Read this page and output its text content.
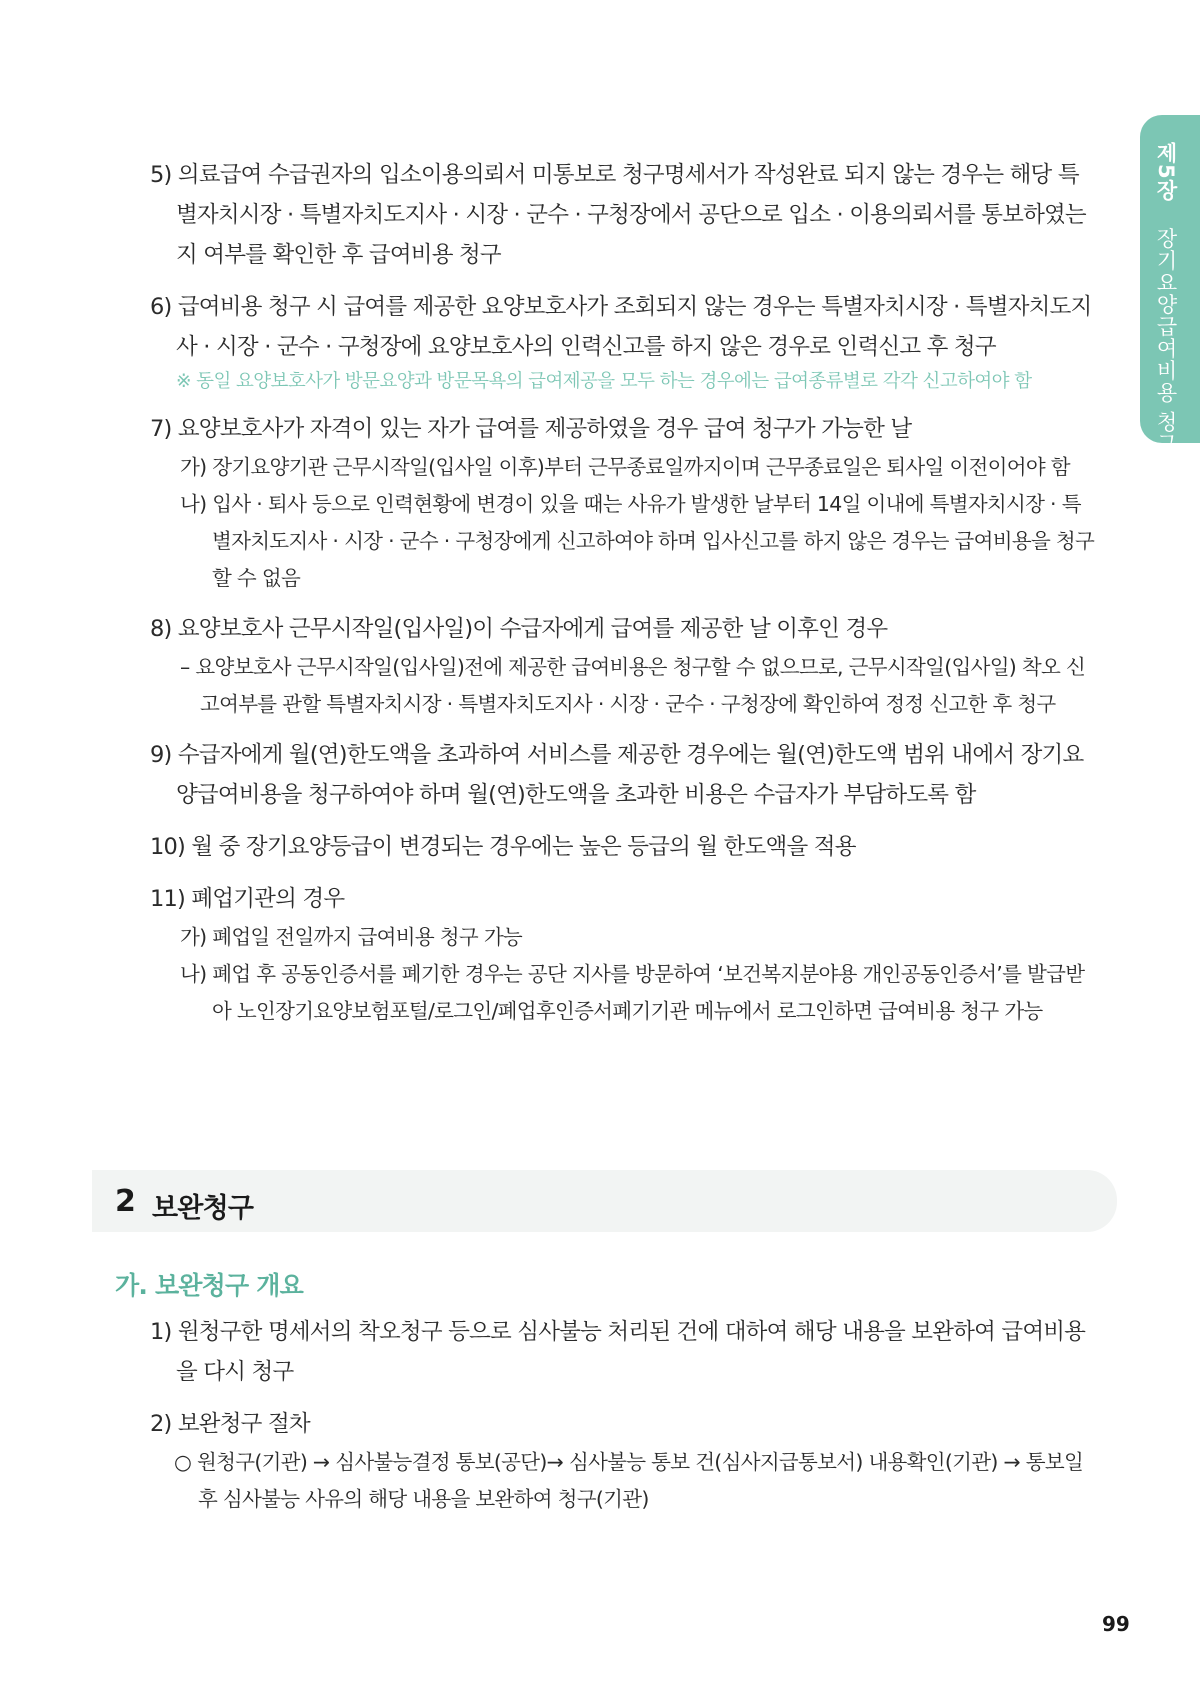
제5장 장기요양급여비용 청구

5) 의료급여 수급권자의 입소이용의뢰서 미통보로 청구명세서가 작성완료 되지 않는 경우는 해당 특별자치시장 · 특별자치도지사 · 시장 · 군수 · 구청장에서 공단으로 입소 · 이용의뢰서를 통보하였는지 여부를 확인한 후 급여비용 청구

6) 급여비용 청구 시 급여를 제공한 요양보호사가 조회되지 않는 경우는 특별자치시장 · 특별자치도지사 · 시장 · 군수 · 구청장에 요양보호사의 인력신고를 하지 않은 경우로 인력신고 후 청구

※ 동일 요양보호사가 방문요양과 방문목욕의 급여제공을 모두 하는 경우에는 급여종류별로 각각 신고하여야 함

7) 요양보호사가 자격이 있는 자가 급여를 제공하였을 경우 급여 청구가 가능한 날

가) 장기요양기관 근무시작일(입사일 이후)부터 근무종료일까지이며 근무종료일은 퇴사일 이전이어야 함

나) 입사 · 퇴사 등으로 인력현황에 변경이 있을 때는 사유가 발생한 날부터 14일 이내에 특별자치시장 · 특별자치도지사 · 시장 · 군수 · 구청장에게 신고하여야 하며 입사신고를 하지 않은 경우는 급여비용을 청구할 수 없음

8) 요양보호사 근무시작일(입사일)이 수급자에게 급여를 제공한 날 이후인 경우

– 요양보호사 근무시작일(입사일)전에 제공한 급여비용은 청구할 수 없으므로, 근무시작일(입사일) 착오 신고여부를 관할 특별자치시장 · 특별자치도지사 · 시장 · 군수 · 구청장에 확인하여 정정 신고한 후 청구

9) 수급자에게 월(연)한도액을 초과하여 서비스를 제공한 경우에는 월(연)한도액 범위 내에서 장기요양급여비용을 청구하여야 하며 월(연)한도액을 초과한 비용은 수급자가 부담하도록 함

10) 월 중 장기요양등급이 변경되는 경우에는 높은 등급의 월 한도액을 적용

11) 폐업기관의 경우

가) 폐업일 전일까지 급여비용 청구 가능

나) 폐업 후 공동인증서를 폐기한 경우는 공단 지사를 방문하여 ‘보건복지분야용 개인공동인증서’를 발급받아 노인장기요양보험포털/로그인/폐업후인증서폐기기관 메뉴에서 로그인하면 급여비용 청구 가능

2 보완청구
가. 보완청구 개요

1) 원청구한 명세서의 착오청구 등으로 심사불능 처리된 건에 대하여 해당 내용을 보완하여 급여비용을 다시 청구

2) 보완청구 절차

○ 원청구(기관) → 심사불능결정 통보(공단)→ 심사불능 통보 건(심사지급통보서) 내용확인(기관) → 통보일 후 심사불능 사유의 해당 내용을 보완하여 청구(기관)

99
